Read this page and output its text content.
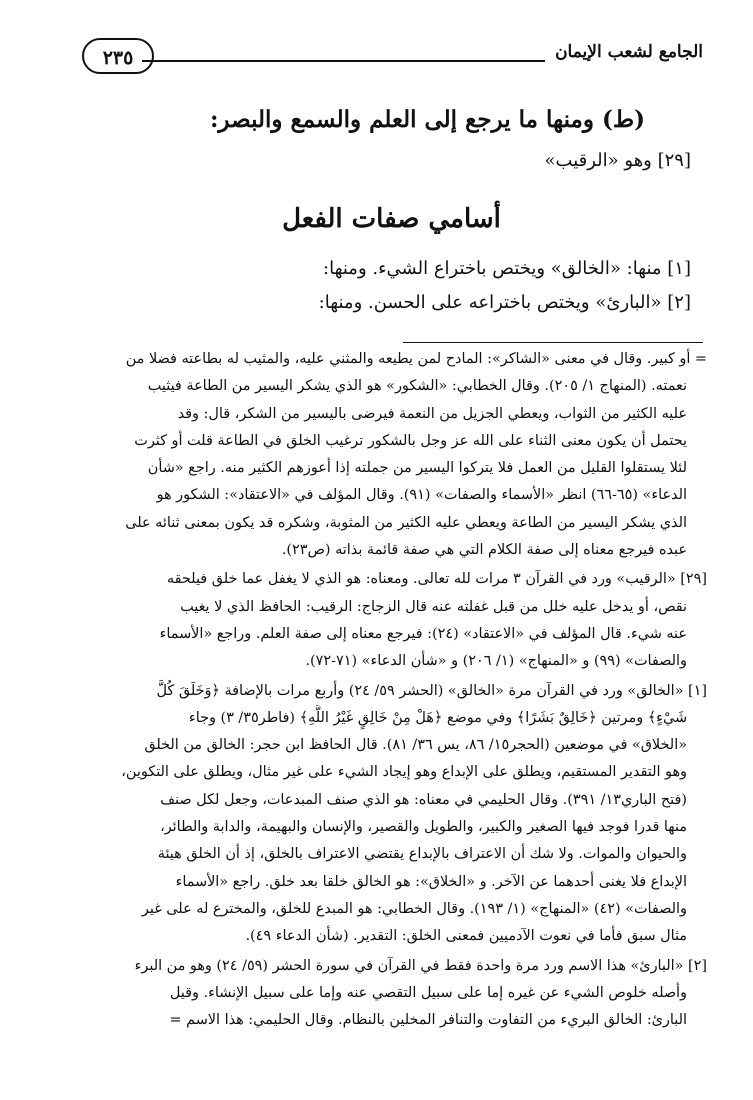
الجامع لشعب الإيمان
٢٣٥
(ط) ومنها ما يرجع إلى العلم والسمع والبصر:
[٢٩] وهو «الرقيب»
أسامي صفات الفعل
[١] منها: «الخالق» ويختص باختراع الشيء. ومنها:
[٢] «البارئ» ويختص باختراعه على الحسن. ومنها:
= أو كبير. وقال في معنى «الشاكر»: المادح لمن يطيعه والمثني عليه، والمثيب له بطاعته فضلا من
نعمته. (المنهاج ١/ ٢٠٥). وقال الخطابي: «الشكور» هو الذي يشكر اليسير من الطاعة فيثيب
عليه الكثير من الثواب، ويعطي الجزيل من النعمة فيرضى باليسير من الشكر، قال: وقد
يحتمل أن يكون معنى الثناء على الله عز وجل بالشكور ترغيب الخلق في الطاعة قلت أو كثرت
لئلا يستقلوا القليل من العمل فلا يتركوا اليسير من جملته إذا أعوزهم الكثير منه. راجع «شأن
الدعاء» (٦٥-٦٦) انظر «الأسماء والصفات» (٩١). وقال المؤلف في «الاعتقاد»: الشكور هو
الذي يشكر اليسير من الطاعة ويعطي عليه الكثير من المثوبة، وشكره قد يكون بمعنى ثنائه على
عبده فيرجع معناه إلى صفة الكلام التي هي صفة قائمة بذاته (ص٢٣).
[٢٩] «الرقيب» ورد في القرآن ٣ مرات لله تعالى. ومعناه: هو الذي لا يغفل عما خلق فيلحقه
نقص، أو يدخل عليه خلل من قبل غفلته عنه قال الزجاج: الرقيب: الحافظ الذي لا يغيب
عنه شيء. قال المؤلف في «الاعتقاد» (٢٤): فيرجع معناه إلى صفة العلم. وراجع «الأسماء
والصفات» (٩٩) و «المنهاج» (١/ ٢٠٦) و «شأن الدعاء» (٧١-٧٢).
[١] «الخالق» ورد في القرآن مرة «الخالق» (الحشر ٥٩/ ٢٤) وأربع مرات بالإضافة ﴿وَخَلَقَ كُلَّ
شَيْءٍ﴾ ومرتين ﴿خَالِقٌ بَشَرًا﴾ وفي موضع ﴿هَلْ مِنْ خَالِقٍ غَيْرُ اللَّهِ﴾ (فاطر٣٥/ ٣) وجاء
«الخلاق» في موضعين (الحجر١٥/ ٨٦، يس ٣٦/ ٨١). قال الحافظ ابن حجر: الخالق من الخلق
وهو التقدير المستقيم، ويطلق على الإبداع وهو إيجاد الشيء على غير مثال، ويطلق على التكوين،
(فتح الباري١٣/ ٣٩١). وقال الحليمي في معناه: هو الذي صنف المبدعات، وجعل لكل صنف
منها قدرا فوجد فيها الصغير والكبير، والطويل والقصير، والإنسان والبهيمة، والدابة والطائر،
والحيوان والموات. ولا شك أن الاعتراف بالإبداع يقتضي الاعتراف بالخلق، إذ أن الخلق هيئة
الإبداع فلا يغنى أحدهما عن الآخر. و «الخلاق»: هو الخالق خلقا بعد خلق. راجع «الأسماء
والصفات» (٤٢) «المنهاج» (١/ ١٩٣). وقال الخطابي: هو المبدع للخلق، والمخترع له على غير
مثال سبق فأما في نعوت الآدميين فمعنى الخلق: التقدير. (شأن الدعاء ٤٩).
[٢] «البارئ» هذا الاسم ورد مرة واحدة فقط في القرآن في سورة الحشر (٥٩/ ٢٤) وهو من البرء
وأصله خلوص الشيء عن غيره إما على سبيل التقصي عنه وإما على سبيل الإنشاء. وقيل
البارئ: الخالق البريء من التفاوت والتنافر المخلين بالنظام. وقال الحليمي: هذا الاسم =
